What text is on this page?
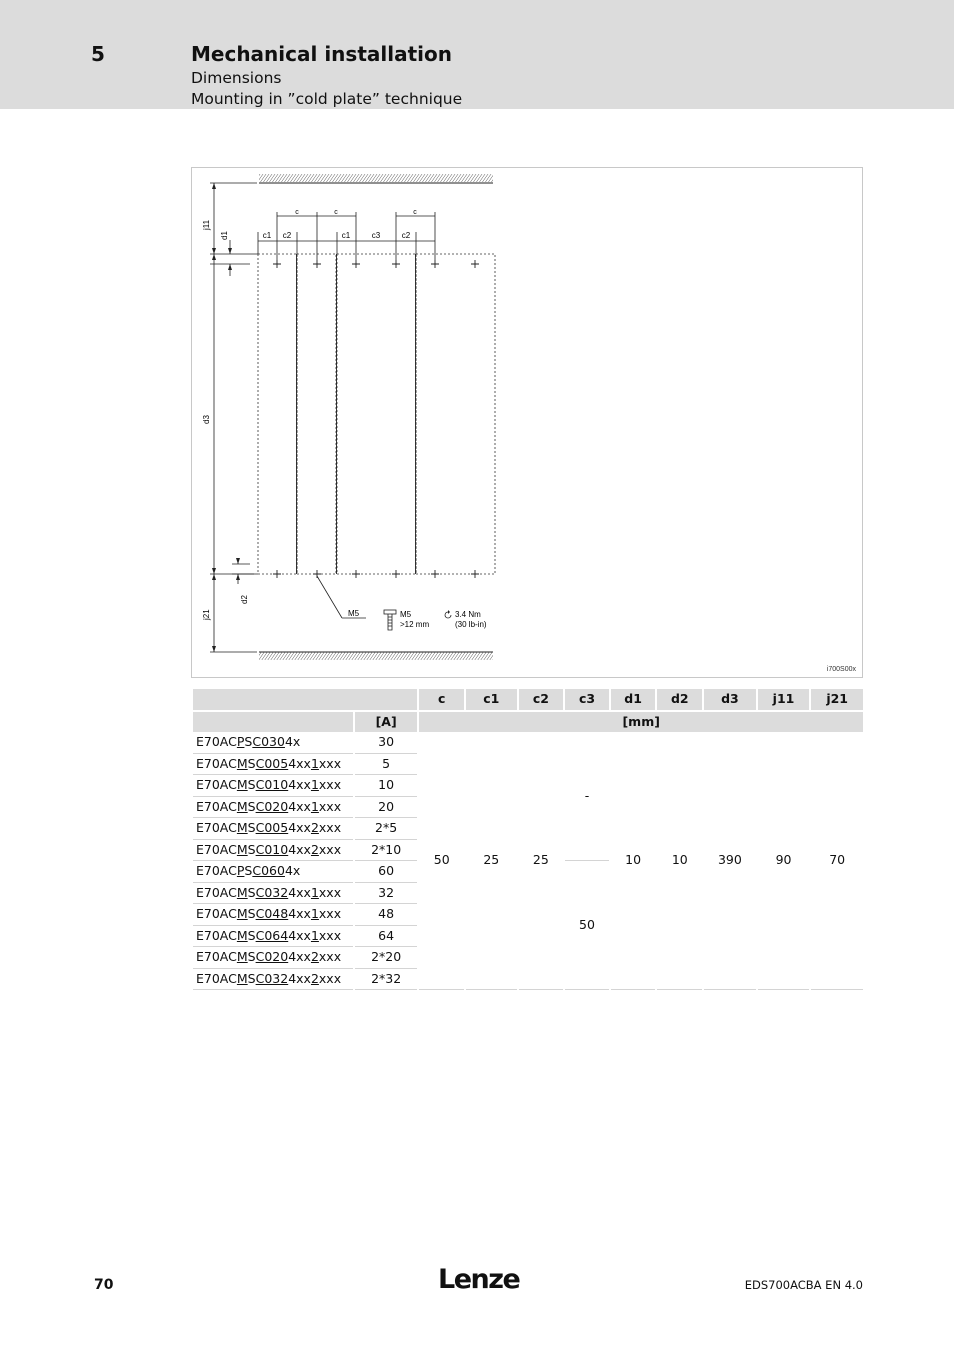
5	Mechanical installation
Dimensions
Mounting in ”cold plate” technique
j11
d1
d3
j21
d2
c	c	c
c1 c2	c1	c3	c2
M5	M5
>12 mm
3.4 Nm
(30 lb-in)
i700S00x
		c	c1	c2	c3	d1	d2	d3	j11	j21
	[A]	[mm]								
E70ACPSC0304x	30	50	25	25	-	10	10	390	90	70
E70ACMSC0054xx1xxx	5									
E70ACMSC0104xx1xxx	10									
E70ACMSC0204xx1xxx	20									
E70ACMSC0054xx2xxx	2*5									
E70ACMSC0104xx2xxx	2*10									
E70ACPSC0604x	60				50					
E70ACMSC0324xx1xxx	32									
E70ACMSC0484xx1xxx	48									
E70ACMSC0644xx1xxx	64									
E70ACMSC0204xx2xxx	2*20									
E70ACMSC0324xx2xxx	2*32									
70	Lenze	EDS700ACBA EN 4.0
